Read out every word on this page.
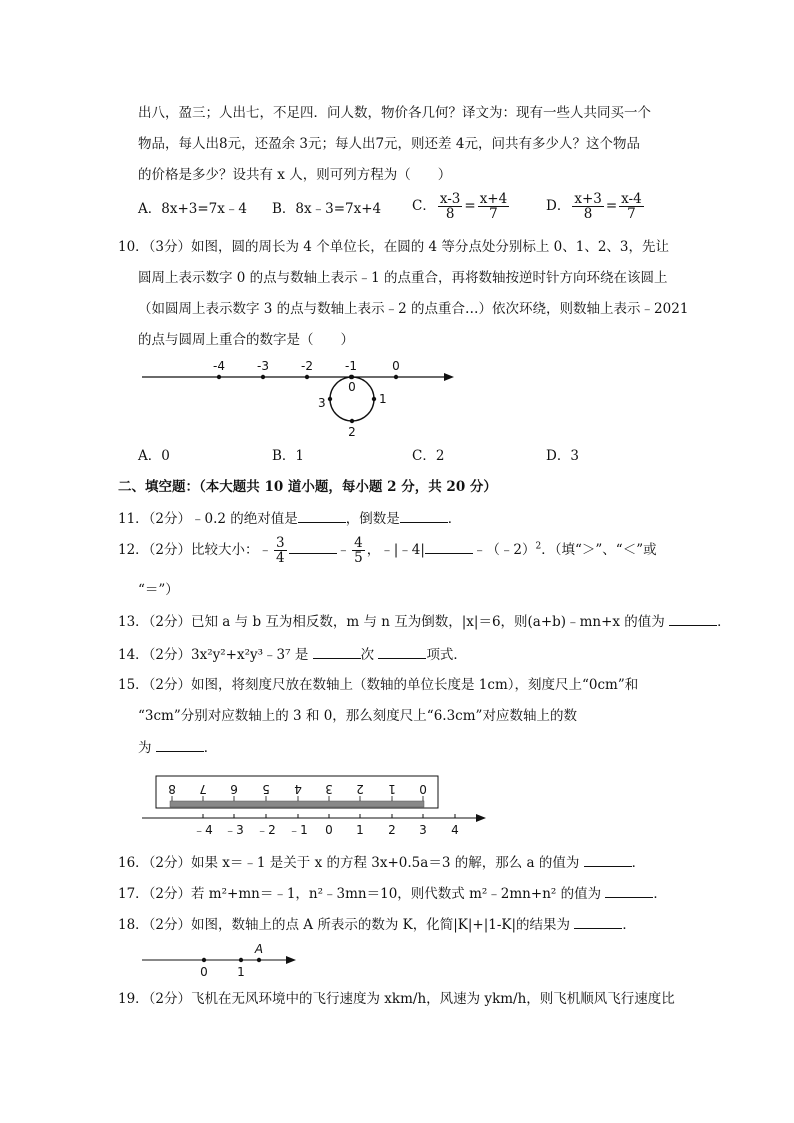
出八，盈三；人出七，不足四．问人数，物价各几何？译文为：现有一些人共同买一个
物品，每人出8元，还盈余 3元；每人出7元，则还差 4元，问共有多少人？这个物品
的价格是多少？设共有 x 人，则可列方程为（　　）
A．8x+3=7x﹣4 B．8x﹣3=7x+4 C． $\frac{x-3}{8} = \frac{x+4}{7}$	D． $\frac{x+3}{8} = \frac{x-4}{7}$
10．（3分）如图，圆的周长为 4 个单位长，在圆的 4 等分点处分别标上 0、1、2、3，先让
圆周上表示数字 0 的点与数轴上表示﹣1 的点重合，再将数轴按逆时针方向环绕在该圆上
（如圆周上表示数字 3 的点与数轴上表示﹣2 的点重合…）依次环绕，则数轴上表示﹣2021
的点与圆周上重合的数字是（　　）
-4	-3	-2	-1	0
0
1
2
3
A．0	B．1	C．2	D．3
二、填空题：（本大题共 10 道小题，每小题 2 分，共 20 分）
11．（2分）﹣0.2 的绝对值是	，倒数是	．
12．（2分）比较大小：﹣ $\frac{3}{4}$	﹣ $\frac{4}{5}$ ，﹣|﹣4|	﹣（﹣2）$^2$．（填“＞”、“＜”或
“＝”）
13．（2分）已知 a 与 b 互为相反数，m 与 n 互为倒数，|x|＝6，则(a+b)﹣mn+x 的值为	．
14．（2分）3x²y²+x²y³﹣3⁷ 是	次	项式．
15．（2分）如图，将刻度尺放在数轴上（数轴的单位长度是 1cm），刻度尺上“0cm”和
“3cm”分别对应数轴上的 3 和 0，那么刻度尺上“6.3cm”对应数轴上的数
为	．
8 7 6 5 4 3 2 1 0
﹣4 ﹣3 ﹣2 ﹣1 0 1 2 3 4
16．（2分）如果 x＝﹣1 是关于 x 的方程 3x+0.5a＝3 的解，那么 a 的值为	．
17．（2分）若 m²+mn＝﹣1，n²﹣3mn＝10，则代数式 m²﹣2mn+n² 的值为	．
18．（2分）如图，数轴上的点 A 所表示的数为 K，化简|K|+|1-K|的结果为	．
0 1
A
19．（2分）飞机在无风环境中的飞行速度为 xkm/h，风速为 ykm/h，则飞机顺风飞行速度比
